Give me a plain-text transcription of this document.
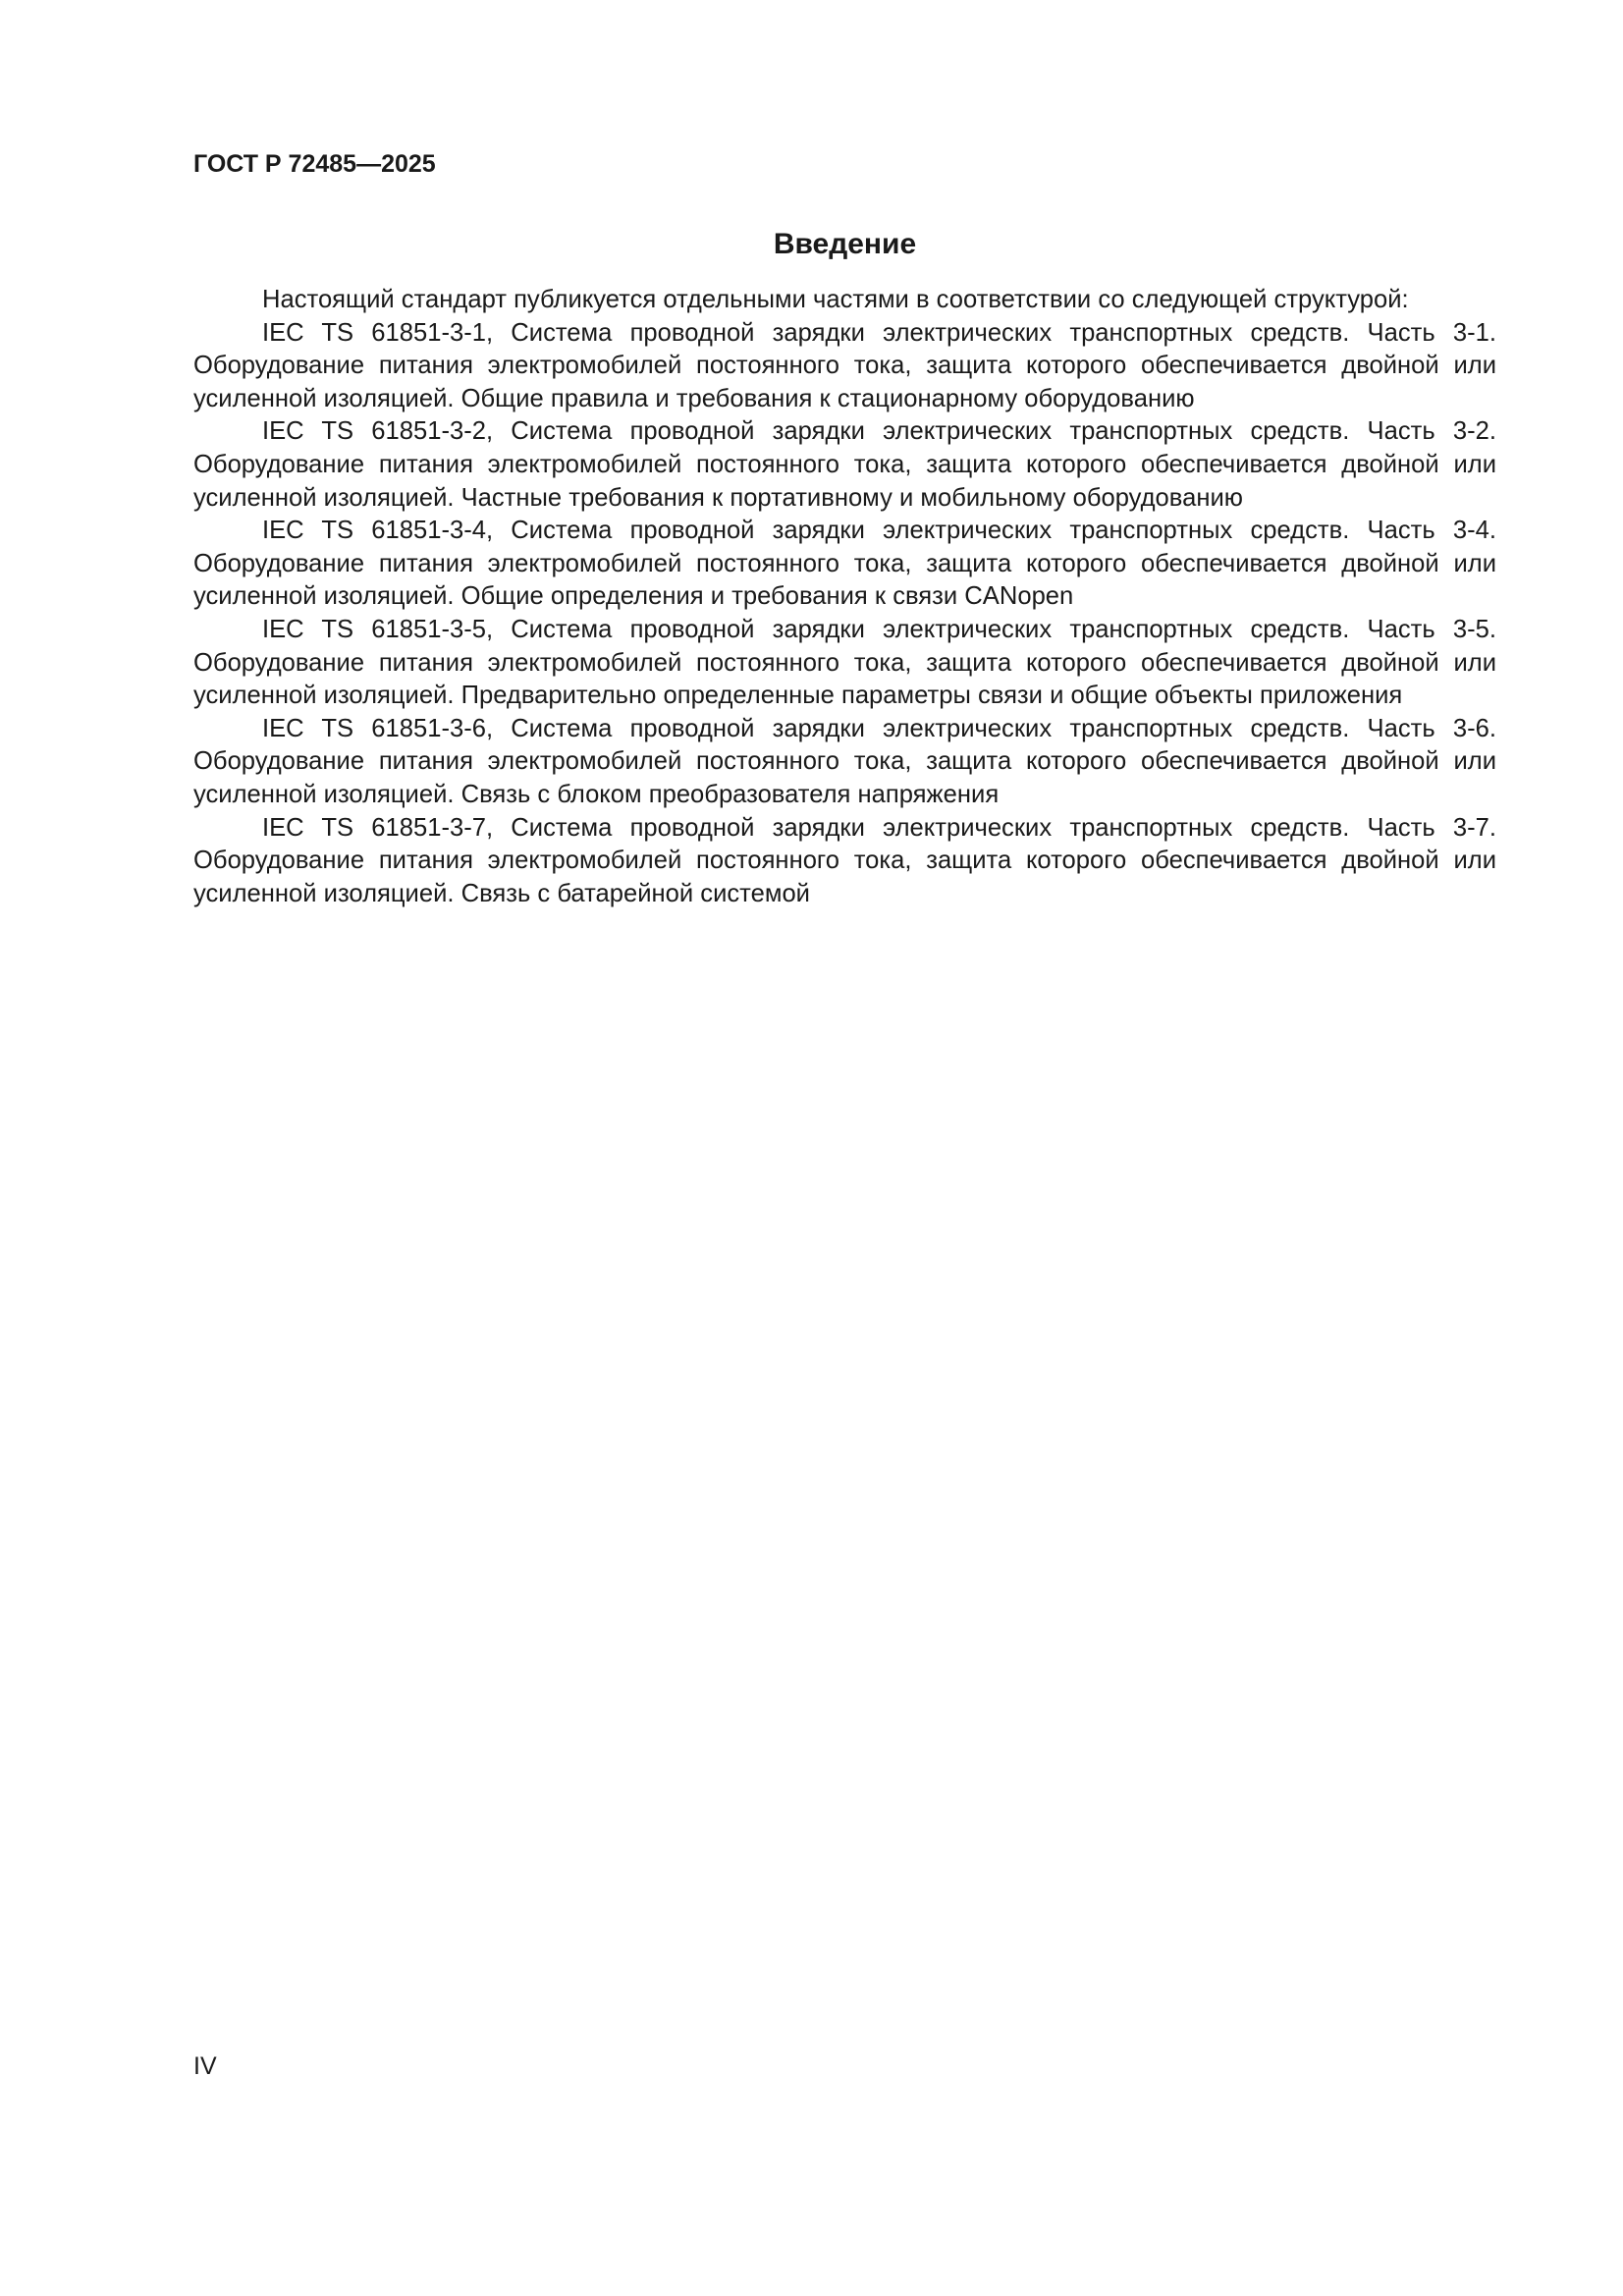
ГОСТ Р 72485—2025
Введение

Настоящий стандарт публикуется отдельными частями в соответствии со следующей структурой:

IEC TS 61851-3-1, Система проводной зарядки электрических транспортных средств. Часть 3-1. Оборудование питания электромобилей постоянного тока, защита которого обеспечивается двойной или усиленной изоляцией. Общие правила и требования к стационарному оборудованию

IEC TS 61851-3-2, Система проводной зарядки электрических транспортных средств. Часть 3-2. Оборудование питания электромобилей постоянного тока, защита которого обеспечивается двойной или усиленной изоляцией. Частные требования к портативному и мобильному оборудованию

IEC TS 61851-3-4, Система проводной зарядки электрических транспортных средств. Часть 3-4. Оборудование питания электромобилей постоянного тока, защита которого обеспечивается двойной или усиленной изоляцией. Общие определения и требования к связи CANopen

IEC TS 61851-3-5, Система проводной зарядки электрических транспортных средств. Часть 3-5. Оборудование питания электромобилей постоянного тока, защита которого обеспечивается двойной или усиленной изоляцией. Предварительно определенные параметры связи и общие объекты приложения

IEC TS 61851-3-6, Система проводной зарядки электрических транспортных средств. Часть 3-6. Оборудование питания электромобилей постоянного тока, защита которого обеспечивается двойной или усиленной изоляцией. Связь с блоком преобразователя напряжения

IEC TS 61851-3-7, Система проводной зарядки электрических транспортных средств. Часть 3-7. Оборудование питания электромобилей постоянного тока, защита которого обеспечивается двойной или усиленной изоляцией. Связь с батарейной системой

IV
